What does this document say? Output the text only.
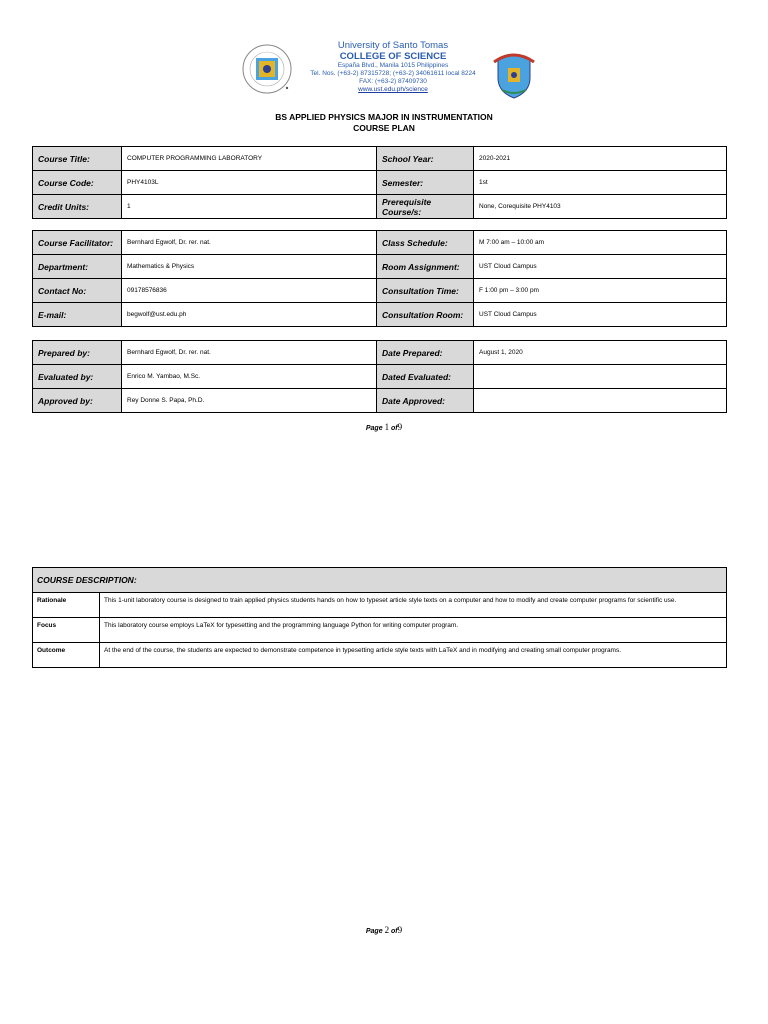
University of Santo Tomas
COLLEGE OF SCIENCE
España Blvd., Manila 1015 Philippines
Tel. Nos. (+63-2) 87315728; (+63-2) 34061611 local 8224
FAX: (+63-2) 87409730
www.ust.edu.ph/science
BS APPLIED PHYSICS MAJOR IN INSTRUMENTATION
COURSE PLAN
Course Title:	COMPUTER PROGRAMMING LABORATORY	School Year:	2020-2021
Course Code:	PHY4103L	Semester:	1st
Credit Units:	1	Prerequisite Course/s:	None, Corequisite PHY4103
Course Facilitator:	Bernhard Egwolf, Dr. rer. nat.	Class Schedule:	M 7:00 am – 10:00 am
Department:	Mathematics & Physics	Room Assignment:	UST Cloud Campus
Contact No:	09178576836	Consultation Time:	F 1:00 pm – 3:00 pm
E-mail:	begwolf@ust.edu.ph	Consultation Room:	UST Cloud Campus
Prepared by:	Bernhard Egwolf, Dr. rer. nat.	Date Prepared:	August 1, 2020
Evaluated by:	Enrico M. Yambao, M.Sc.	Dated Evaluated:	
Approved by:	Rey Donne S. Papa, Ph.D.	Date Approved:	
Page 1 of9
COURSE DESCRIPTION:	
Rationale	This 1-unit laboratory course is designed to train applied physics students hands on how to typeset article style texts on a computer and how to modify and create computer programs for scientific use.
Focus	This laboratory course employs LaTeX for typesetting and the programming language Python for writing computer program.
Outcome	At the end of the course, the students are expected to demonstrate competence in typesetting article style texts with LaTeX and in modifying and creating small computer programs.
Page 2 of9
